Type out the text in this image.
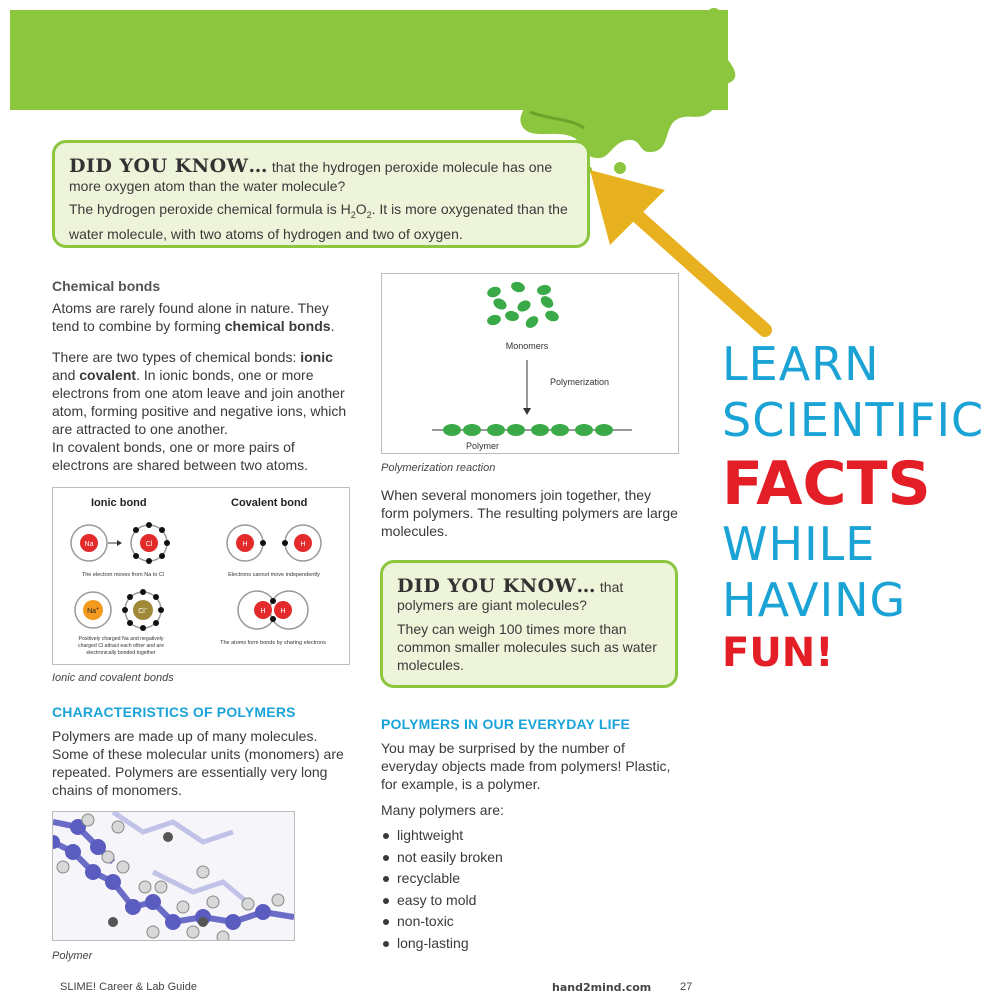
DID YOU KNOW… that the hydrogen peroxide molecule has one more oxygen atom than the water molecule?

The hydrogen peroxide chemical formula is $H_2O_2$. It is more oxygenated than the water molecule, with two atoms of hydrogen and two of oxygen.

Chemical bonds

Atoms are rarely found alone in nature. They tend to combine by forming chemical bonds.

There are two types of chemical bonds: ionic and covalent. In ionic bonds, one or more electrons from one atom leave and join another atom, forming positive and negative ions, which are attracted to one another.

In covalent bonds, one or more pairs of electrons are shared between two atoms.

Ionic bond	Covalent bond
Na	Cl
The electron moves from Na to Cl
H	H
Electrons cannot move independently
Na+	Cl−
Positively charged Na and negatively
charged Cl attract each other and are
electronically bonded together
H H
The atoms form bonds by sharing electrons
Ionic and covalent bonds
Monomers
Polymerization
Polymer
Polymerization reaction
When several monomers join together, they form polymers. The resulting polymers are large molecules.

DID YOU KNOW… that polymers are giant molecules?

They can weigh 100 times more than common smaller molecules such as water molecules.

CHARACTERISTICS OF POLYMERS

Polymers are made up of many molecules. Some of these molecular units (monomers) are repeated. Polymers are essentially very long chains of monomers.

Polymer
POLYMERS IN OUR EVERYDAY LIFE

You may be surprised by the number of everyday objects made from polymers! Plastic, for example, is a polymer.

Many polymers are:

lightweight
not easily broken
recyclable
easy to mold
non-toxic
long-lasting
LEARN
SCIENTIFIC
FACTS
WHILE
HAVING
FUN!
SLIME! Career & Lab Guide	hand2mind.com	27
